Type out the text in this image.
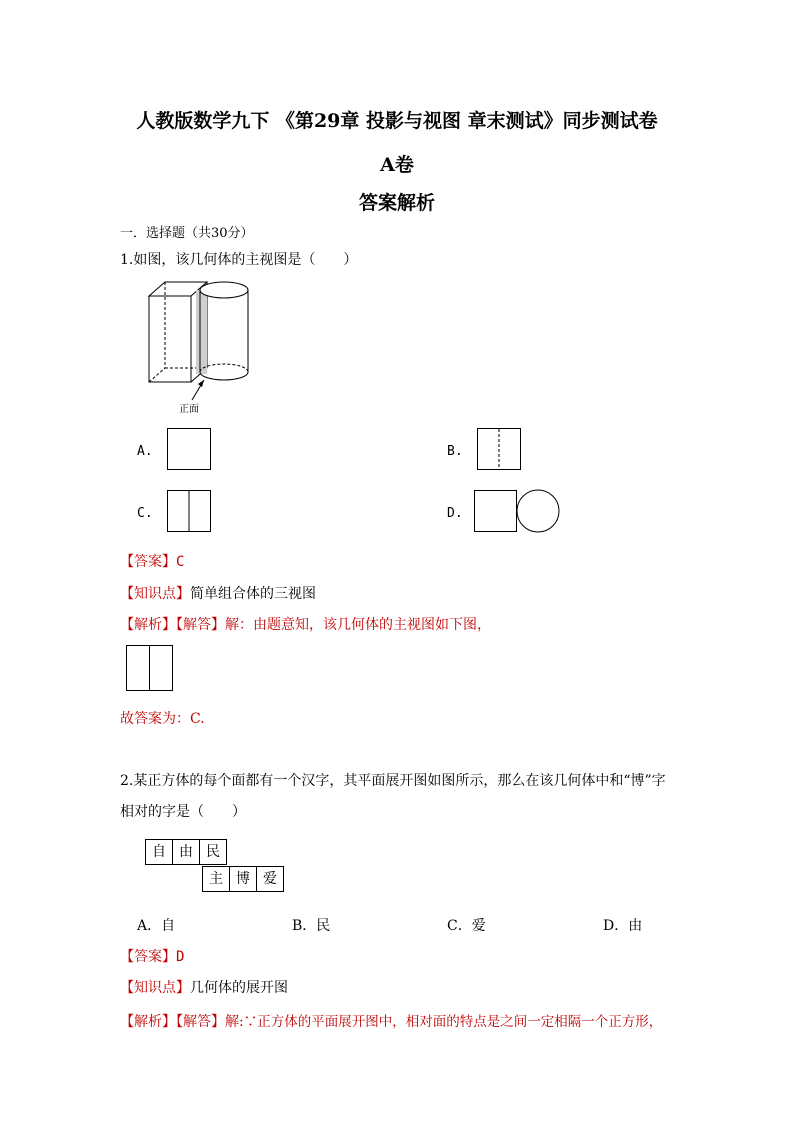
人教版数学九下 《第29章 投影与视图 章末测试》同步测试卷
A卷
答案解析
一．选择题（共30分）
1.如图，该几何体的主视图是（　　）
正面
A.	B.
C.	D.
【答案】C
【知识点】简单组合体的三视图
【解析】【解答】解：由题意知，该几何体的主视图如下图，
故答案为：C.
2.某正方体的每个面都有一个汉字，其平面展开图如图所示，那么在该几何体中和“博”字
相对的字是（　　）
自 由 民
主 博 爱
A．自	B．民	C．爱	D．由
【答案】D
【知识点】几何体的展开图
【解析】【解答】解:∵正方体的平面展开图中，相对面的特点是之间一定相隔一个正方形，
